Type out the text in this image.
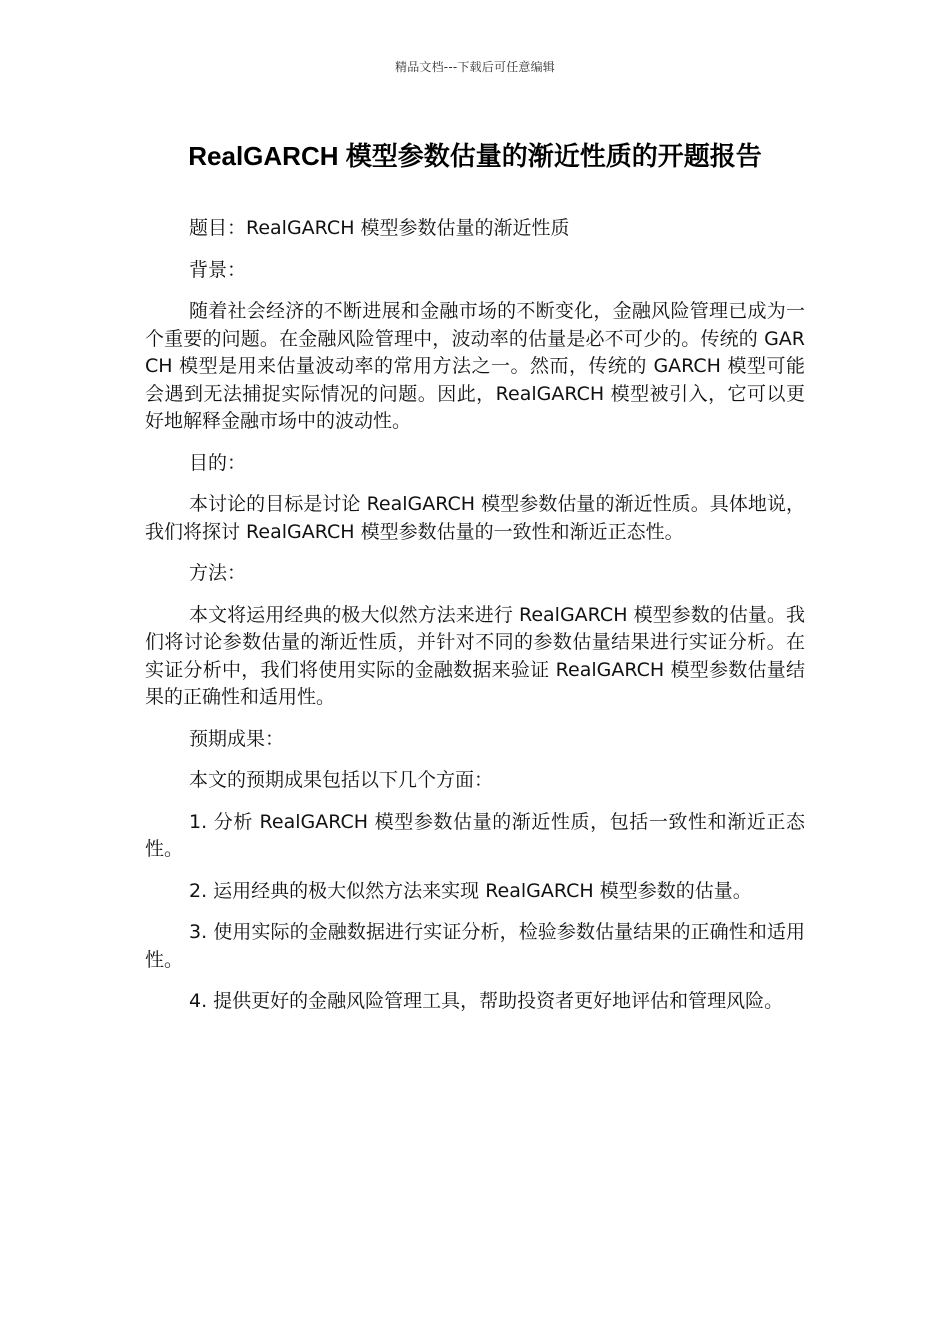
精品文档---下载后可任意编辑
RealGARCH 模型参数估量的渐近性质的开题报告

题目：RealGARCH 模型参数估量的渐近性质

背景：

随着社会经济的不断进展和金融市场的不断变化，金融风险管理已成为一个重要的问题。在金融风险管理中，波动率的估量是必不可少的。传统的 GARCH 模型是用来估量波动率的常用方法之一。然而，传统的 GARCH 模型可能会遇到无法捕捉实际情况的问题。因此，RealGARCH 模型被引入，它可以更好地解释金融市场中的波动性。

目的：

本讨论的目标是讨论 RealGARCH 模型参数估量的渐近性质。具体地说，我们将探讨 RealGARCH 模型参数估量的一致性和渐近正态性。

方法：

本文将运用经典的极大似然方法来进行 RealGARCH 模型参数的估量。我们将讨论参数估量的渐近性质，并针对不同的参数估量结果进行实证分析。在实证分析中，我们将使用实际的金融数据来验证 RealGARCH 模型参数估量结果的正确性和适用性。

预期成果：

本文的预期成果包括以下几个方面：

1. 分析 RealGARCH 模型参数估量的渐近性质，包括一致性和渐近正态性。

2. 运用经典的极大似然方法来实现 RealGARCH 模型参数的估量。

3. 使用实际的金融数据进行实证分析，检验参数估量结果的正确性和适用性。

4. 提供更好的金融风险管理工具，帮助投资者更好地评估和管理风险。
